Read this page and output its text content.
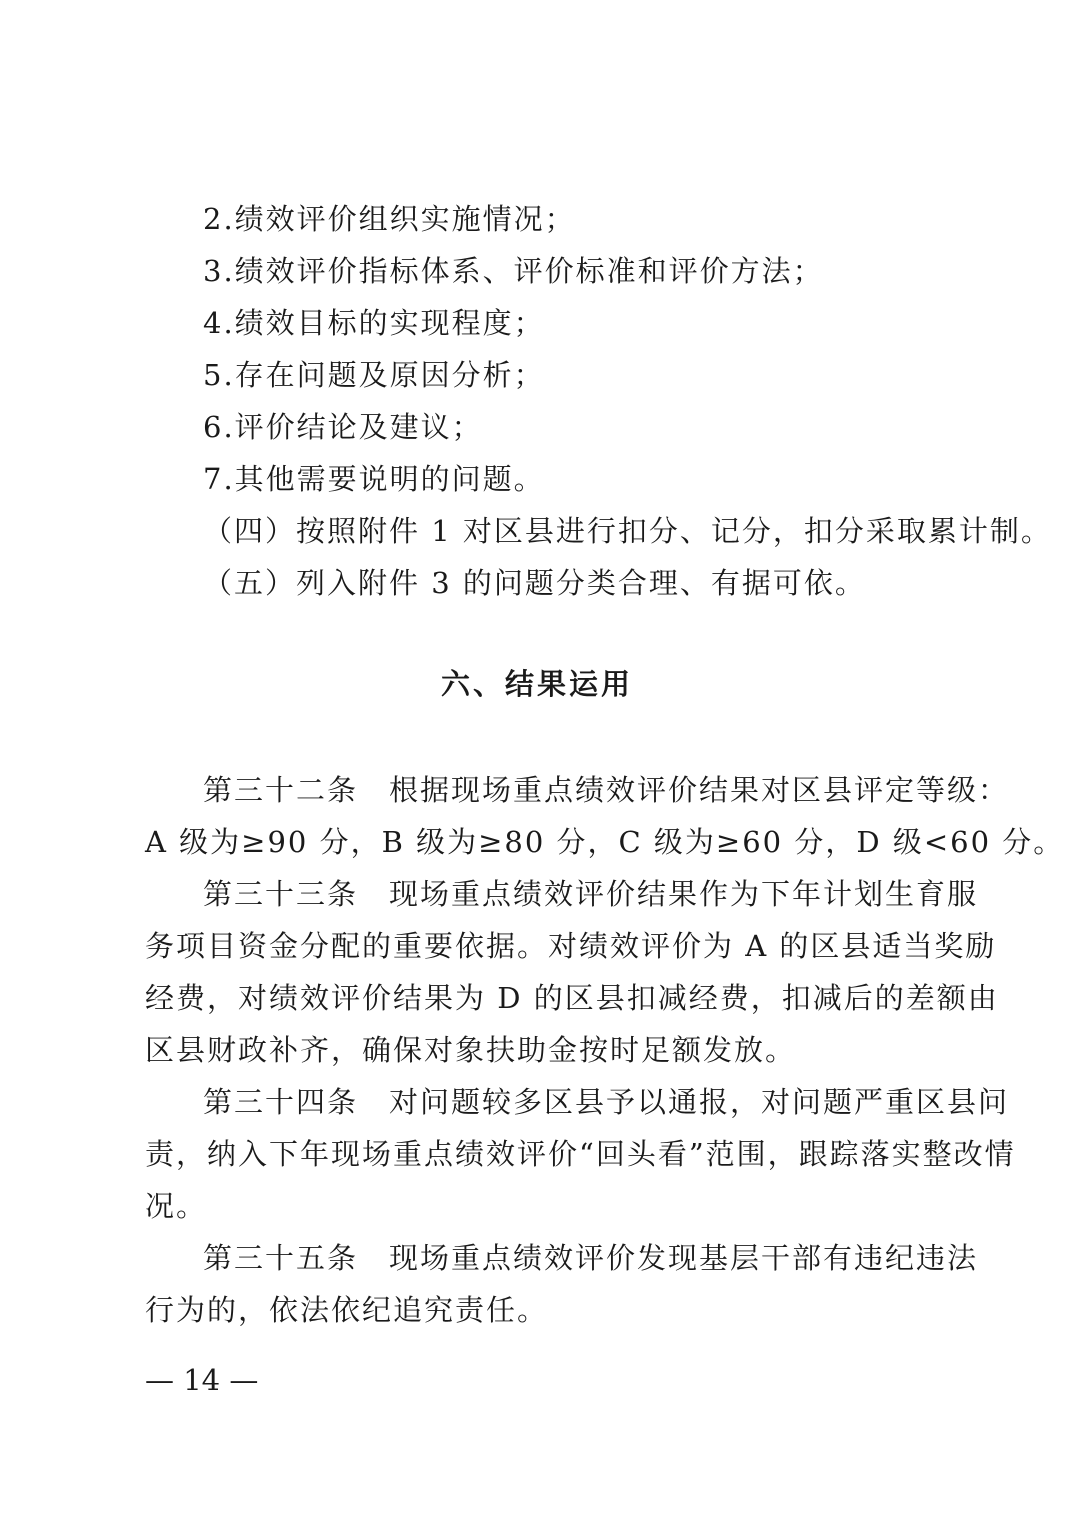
2.绩效评价组织实施情况；
3.绩效评价指标体系、评价标准和评价方法；
4.绩效目标的实现程度；
5.存在问题及原因分析；
6.评价结论及建议；
7.其他需要说明的问题。
（四）按照附件 1 对区县进行扣分、记分，扣分采取累计制。
（五）列入附件 3 的问题分类合理、有据可依。
六、结果运用
第三十二条　根据现场重点绩效评价结果对区县评定等级：
A 级为≥90 分，B 级为≥80 分，C 级为≥60 分，D 级<60 分。
第三十三条　现场重点绩效评价结果作为下年计划生育服
务项目资金分配的重要依据。对绩效评价为 A 的区县适当奖励
经费，对绩效评价结果为 D 的区县扣减经费，扣减后的差额由
区县财政补齐，确保对象扶助金按时足额发放。
第三十四条　对问题较多区县予以通报，对问题严重区县问
责，纳入下年现场重点绩效评价“回头看”范围，跟踪落实整改情
况。
第三十五条　现场重点绩效评价发现基层干部有违纪违法
行为的，依法依纪追究责任。
— 14 —
